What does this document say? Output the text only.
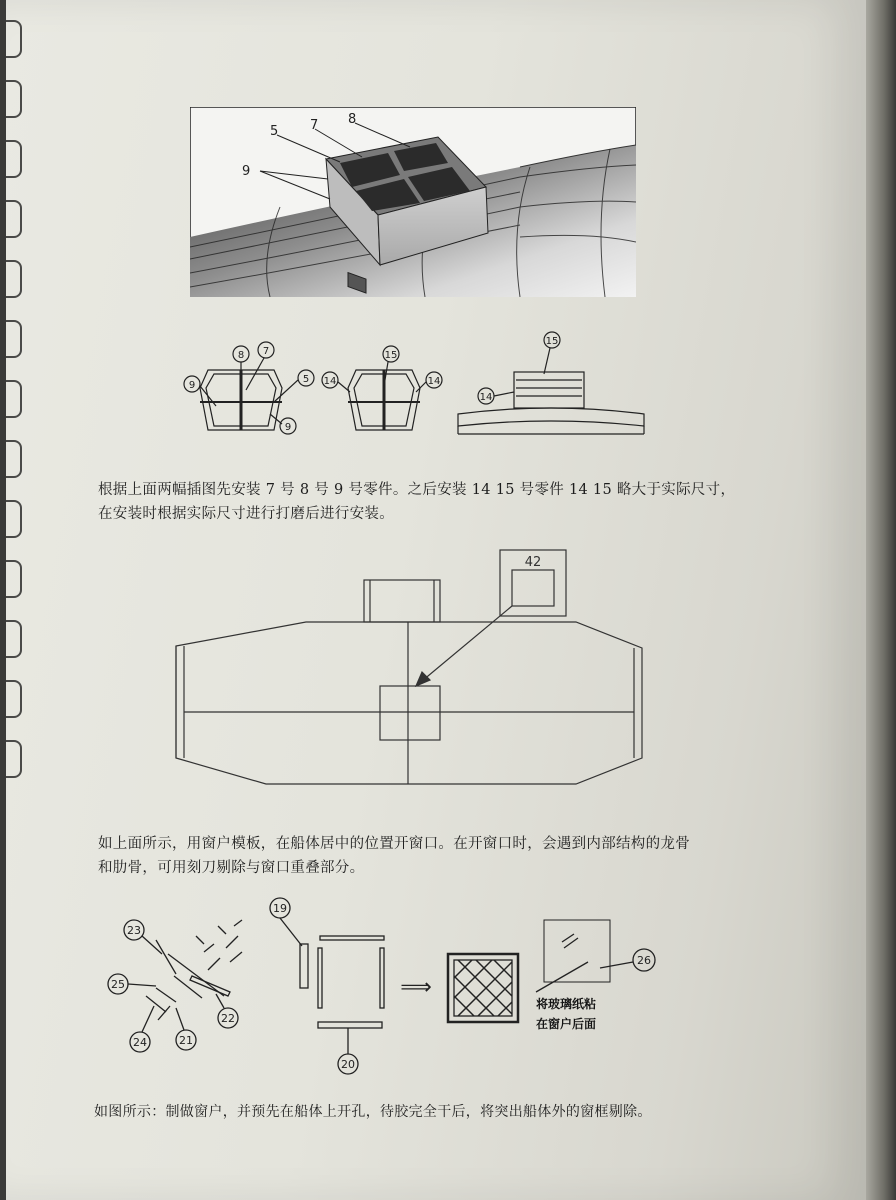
5 7 8
9
8 7
9
5
9
15
14	14
15
14
根据上面两幅插图先安装 7 号 8 号 9 号零件。之后安装 14 15 号零件 14 15 略大于实际尺寸，
在安装时根据实际尺寸进行打磨后进行安装。
42
如上面所示，用窗户模板，在船体居中的位置开窗口。在开窗口时，会遇到内部结构的龙骨
和肋骨，可用刻刀剔除与窗口重叠部分。
23
25
24	21
22
19
20
26
⟹
将玻璃纸粘
在窗户后面
如图所示：制做窗户，并预先在船体上开孔，待胶完全干后，将突出船体外的窗框剔除。
